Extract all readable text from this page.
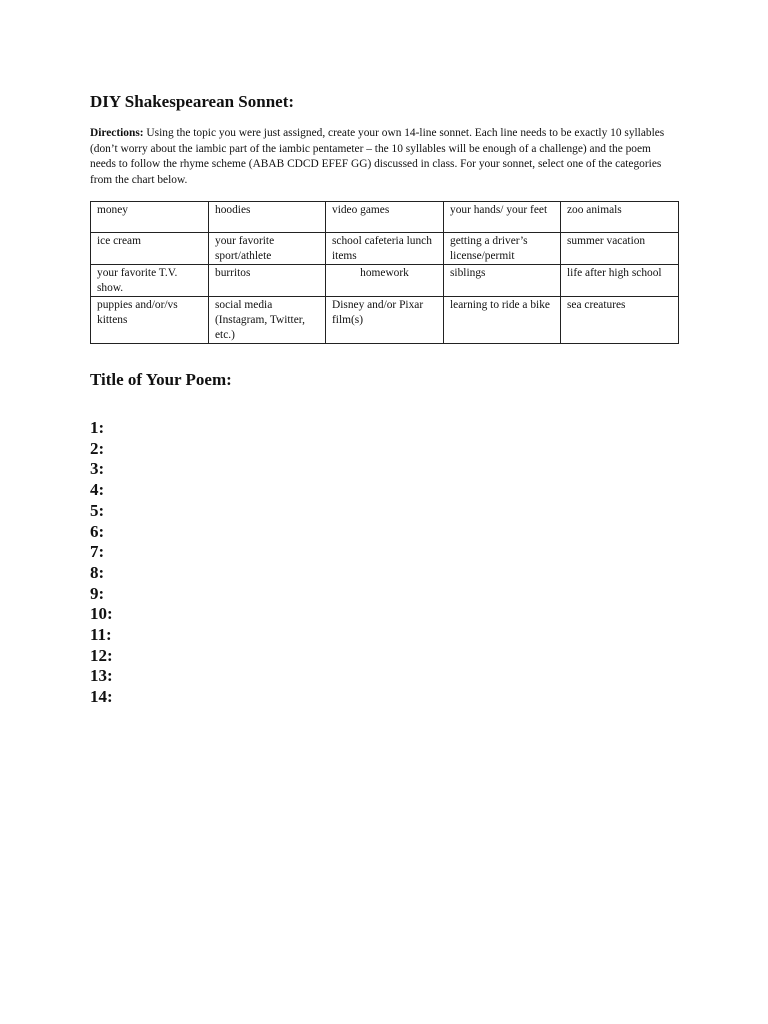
DIY Shakespearean Sonnet:

Directions: Using the topic you were just assigned, create your own 14-line sonnet. Each line needs to be exactly 10 syllables (don’t worry about the iambic part of the iambic pentameter – the 10 syllables will be enough of a challenge) and the poem needs to follow the rhyme scheme (ABAB CDCD EFEF GG) discussed in class. For your sonnet, select one of the categories from the chart below.

money	hoodies	video games	your hands/ your feet	zoo animals
ice cream	your favorite sport/athlete	school cafeteria lunch items	getting a driver’s license/permit	summer vacation
your favorite T.V. show.	burritos	homework	siblings	life after high school
puppies and/or/vs kittens	social media (Instagram, Twitter, etc.)	Disney and/or Pixar film(s)	learning to ride a bike	sea creatures
Title of Your Poem:
1:
2:
3:
4:
5:
6:
7:
8:
9:
10:
11:
12:
13:
14:
